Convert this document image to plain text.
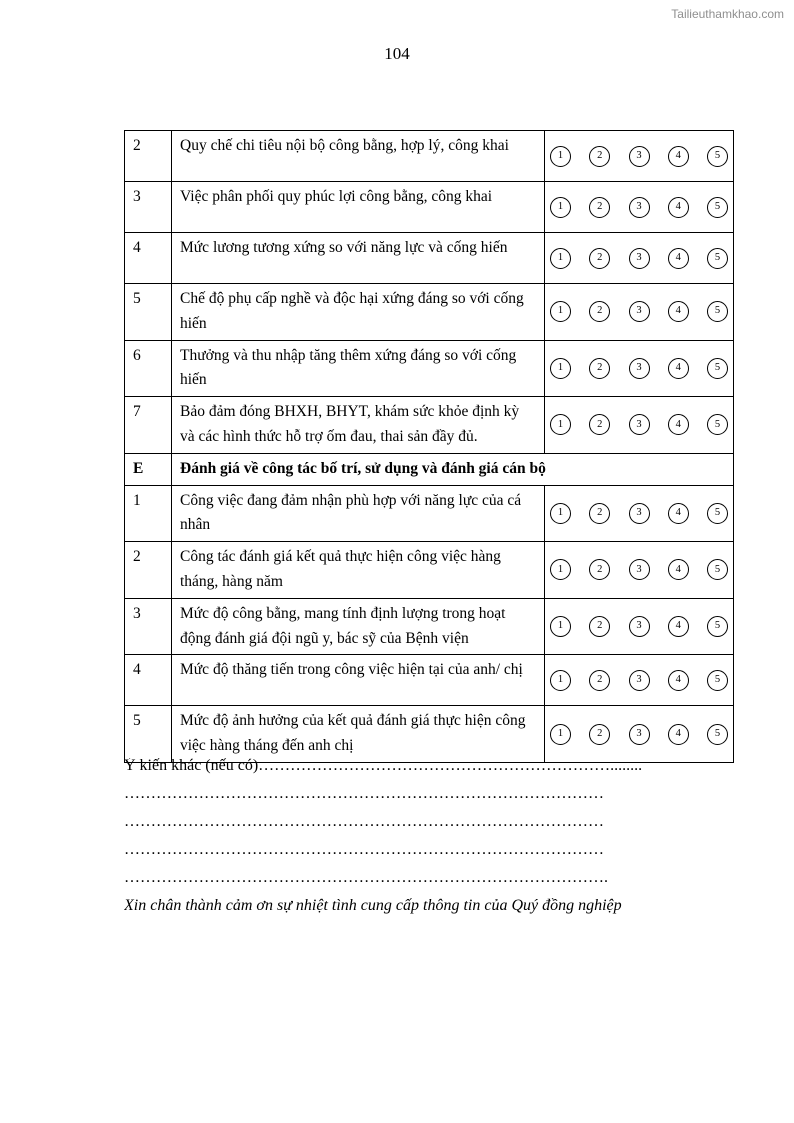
Tailieuthamkhao.com
104
2	Quy chế chi tiêu nội bộ công bằng, hợp lý, công khai	1 2 3 4 5

3	Việc phân phối quy phúc lợi công bằng, công khai	1 2 3 4 5

4	Mức lương tương xứng so với năng lực và cống hiến	1 2 3 4 5

5	Chế độ phụ cấp nghề và độc hại xứng đáng so với cống hiến	1 2 3 4 5

6	Thưởng và thu nhập tăng thêm xứng đáng so với cống hiến	1 2 3 4 5

7	Bảo đảm đóng BHXH, BHYT, khám sức khỏe định kỳ và các hình thức hỗ trợ ốm đau, thai sản đầy đủ.	1 2 3 4 5

E	Đánh giá về công tác bố trí, sử dụng và đánh giá cán bộ	
1	Công việc đang đảm nhận phù hợp với năng lực của cá nhân	1 2 3 4 5

2	Công tác đánh giá kết quả thực hiện công việc hàng tháng, hàng năm	1 2 3 4 5

3	Mức độ công bằng, mang tính định lượng trong hoạt động đánh giá đội ngũ y, bác sỹ của Bệnh viện	1 2 3 4 5

4	Mức độ thăng tiến trong công việc hiện tại của anh/ chị	1 2 3 4 5

5	Mức độ ảnh hưởng của kết quả đánh giá thực hiện công việc hàng tháng đến anh chị	1 2 3 4 5

Ý kiến khác (nếu có)…………………………………………………………........

………………………………………………………………………………

………………………………………………………………………………

………………………………………………………………………………

……………………………………………………………………………….

Xin chân thành cảm ơn sự nhiệt tình cung cấp thông tin của Quý đồng nghiệp
